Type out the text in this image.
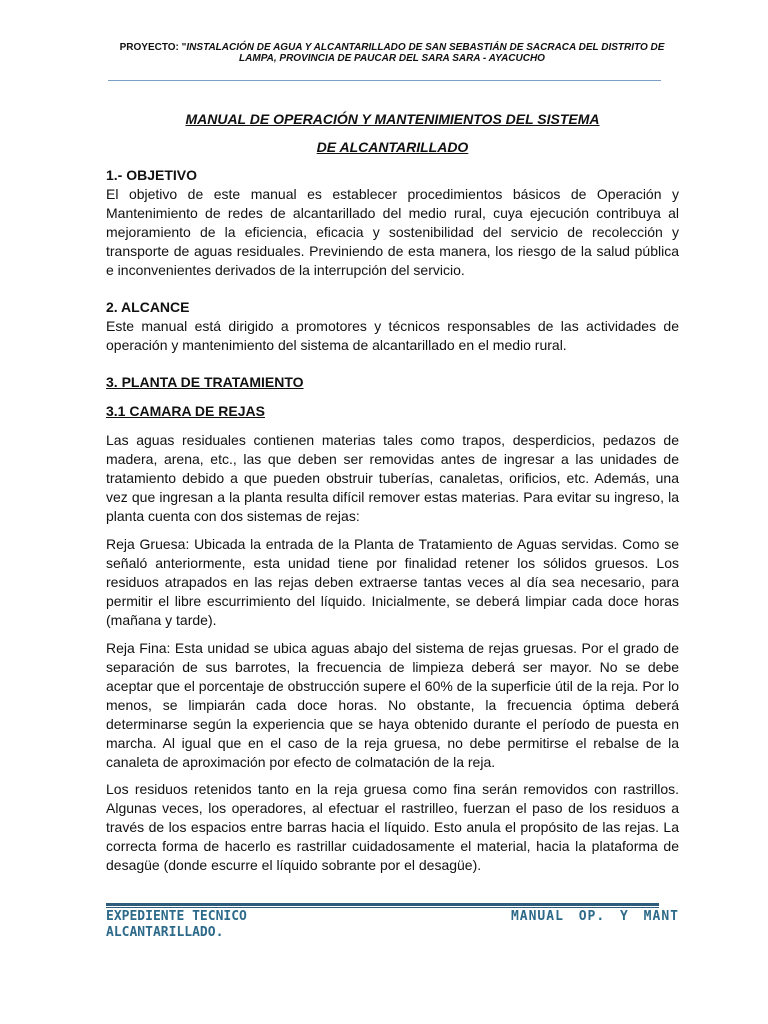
PROYECTO: "INSTALACIÓN DE AGUA Y ALCANTARILLADO DE SAN SEBASTIÁN DE SACRACA DEL DISTRITO DE LAMPA, PROVINCIA DE PAUCAR DEL SARA SARA - AYACUCHO
MANUAL DE OPERACIÓN Y MANTENIMIENTOS DEL SISTEMA
DE ALCANTARILLADO

1.- OBJETIVO

El objetivo de este manual es establecer procedimientos básicos de Operación y Mantenimiento de redes de alcantarillado del medio rural, cuya ejecución contribuya al mejoramiento de la eficiencia, eficacia y sostenibilidad del servicio de recolección y transporte de aguas residuales. Previniendo de esta manera, los riesgo de la salud pública e inconvenientes derivados de la interrupción del servicio.

2. ALCANCE

Este manual está dirigido a promotores y técnicos responsables de las actividades de operación y mantenimiento del sistema de alcantarillado en el medio rural.

3. PLANTA DE TRATAMIENTO

3.1 CAMARA DE REJAS

Las aguas residuales contienen materias tales como trapos, desperdicios, pedazos de madera, arena, etc., las que deben ser removidas antes de ingresar a las unidades de tratamiento debido a que pueden obstruir tuberías, canaletas, orificios, etc. Además, una vez que ingresan a la planta resulta difícil remover estas materias. Para evitar su ingreso, la planta cuenta con dos sistemas de rejas:

Reja Gruesa: Ubicada la entrada de la Planta de Tratamiento de Aguas servidas. Como se señaló anteriormente, esta unidad tiene por finalidad retener los sólidos gruesos. Los residuos atrapados en las rejas deben extraerse tantas veces al día sea necesario, para permitir el libre escurrimiento del líquido. Inicialmente, se deberá limpiar cada doce horas (mañana y tarde).

Reja Fina: Esta unidad se ubica aguas abajo del sistema de rejas gruesas. Por el grado de separación de sus barrotes, la frecuencia de limpieza deberá ser mayor. No se debe aceptar que el porcentaje de obstrucción supere el 60% de la superficie útil de la reja. Por lo menos, se limpiarán cada doce horas. No obstante, la frecuencia óptima deberá determinarse según la experiencia que se haya obtenido durante el período de puesta en marcha. Al igual que en el caso de la reja gruesa, no debe permitirse el rebalse de la canaleta de aproximación por efecto de colmatación de la reja.

Los residuos retenidos tanto en la reja gruesa como fina serán removidos con rastrillos. Algunas veces, los operadores, al efectuar el rastrilleo, fuerzan el paso de los residuos a través de los espacios entre barras hacia el líquido. Esto anula el propósito de las rejas. La correcta forma de hacerlo es rastrillar cuidadosamente el material, hacia la plataforma de desagüe (donde escurre el líquido sobrante por el desagüe).

EXPEDIENTE TECNICO
ALCANTARILLADO.
MANUAL OP. Y MANT
